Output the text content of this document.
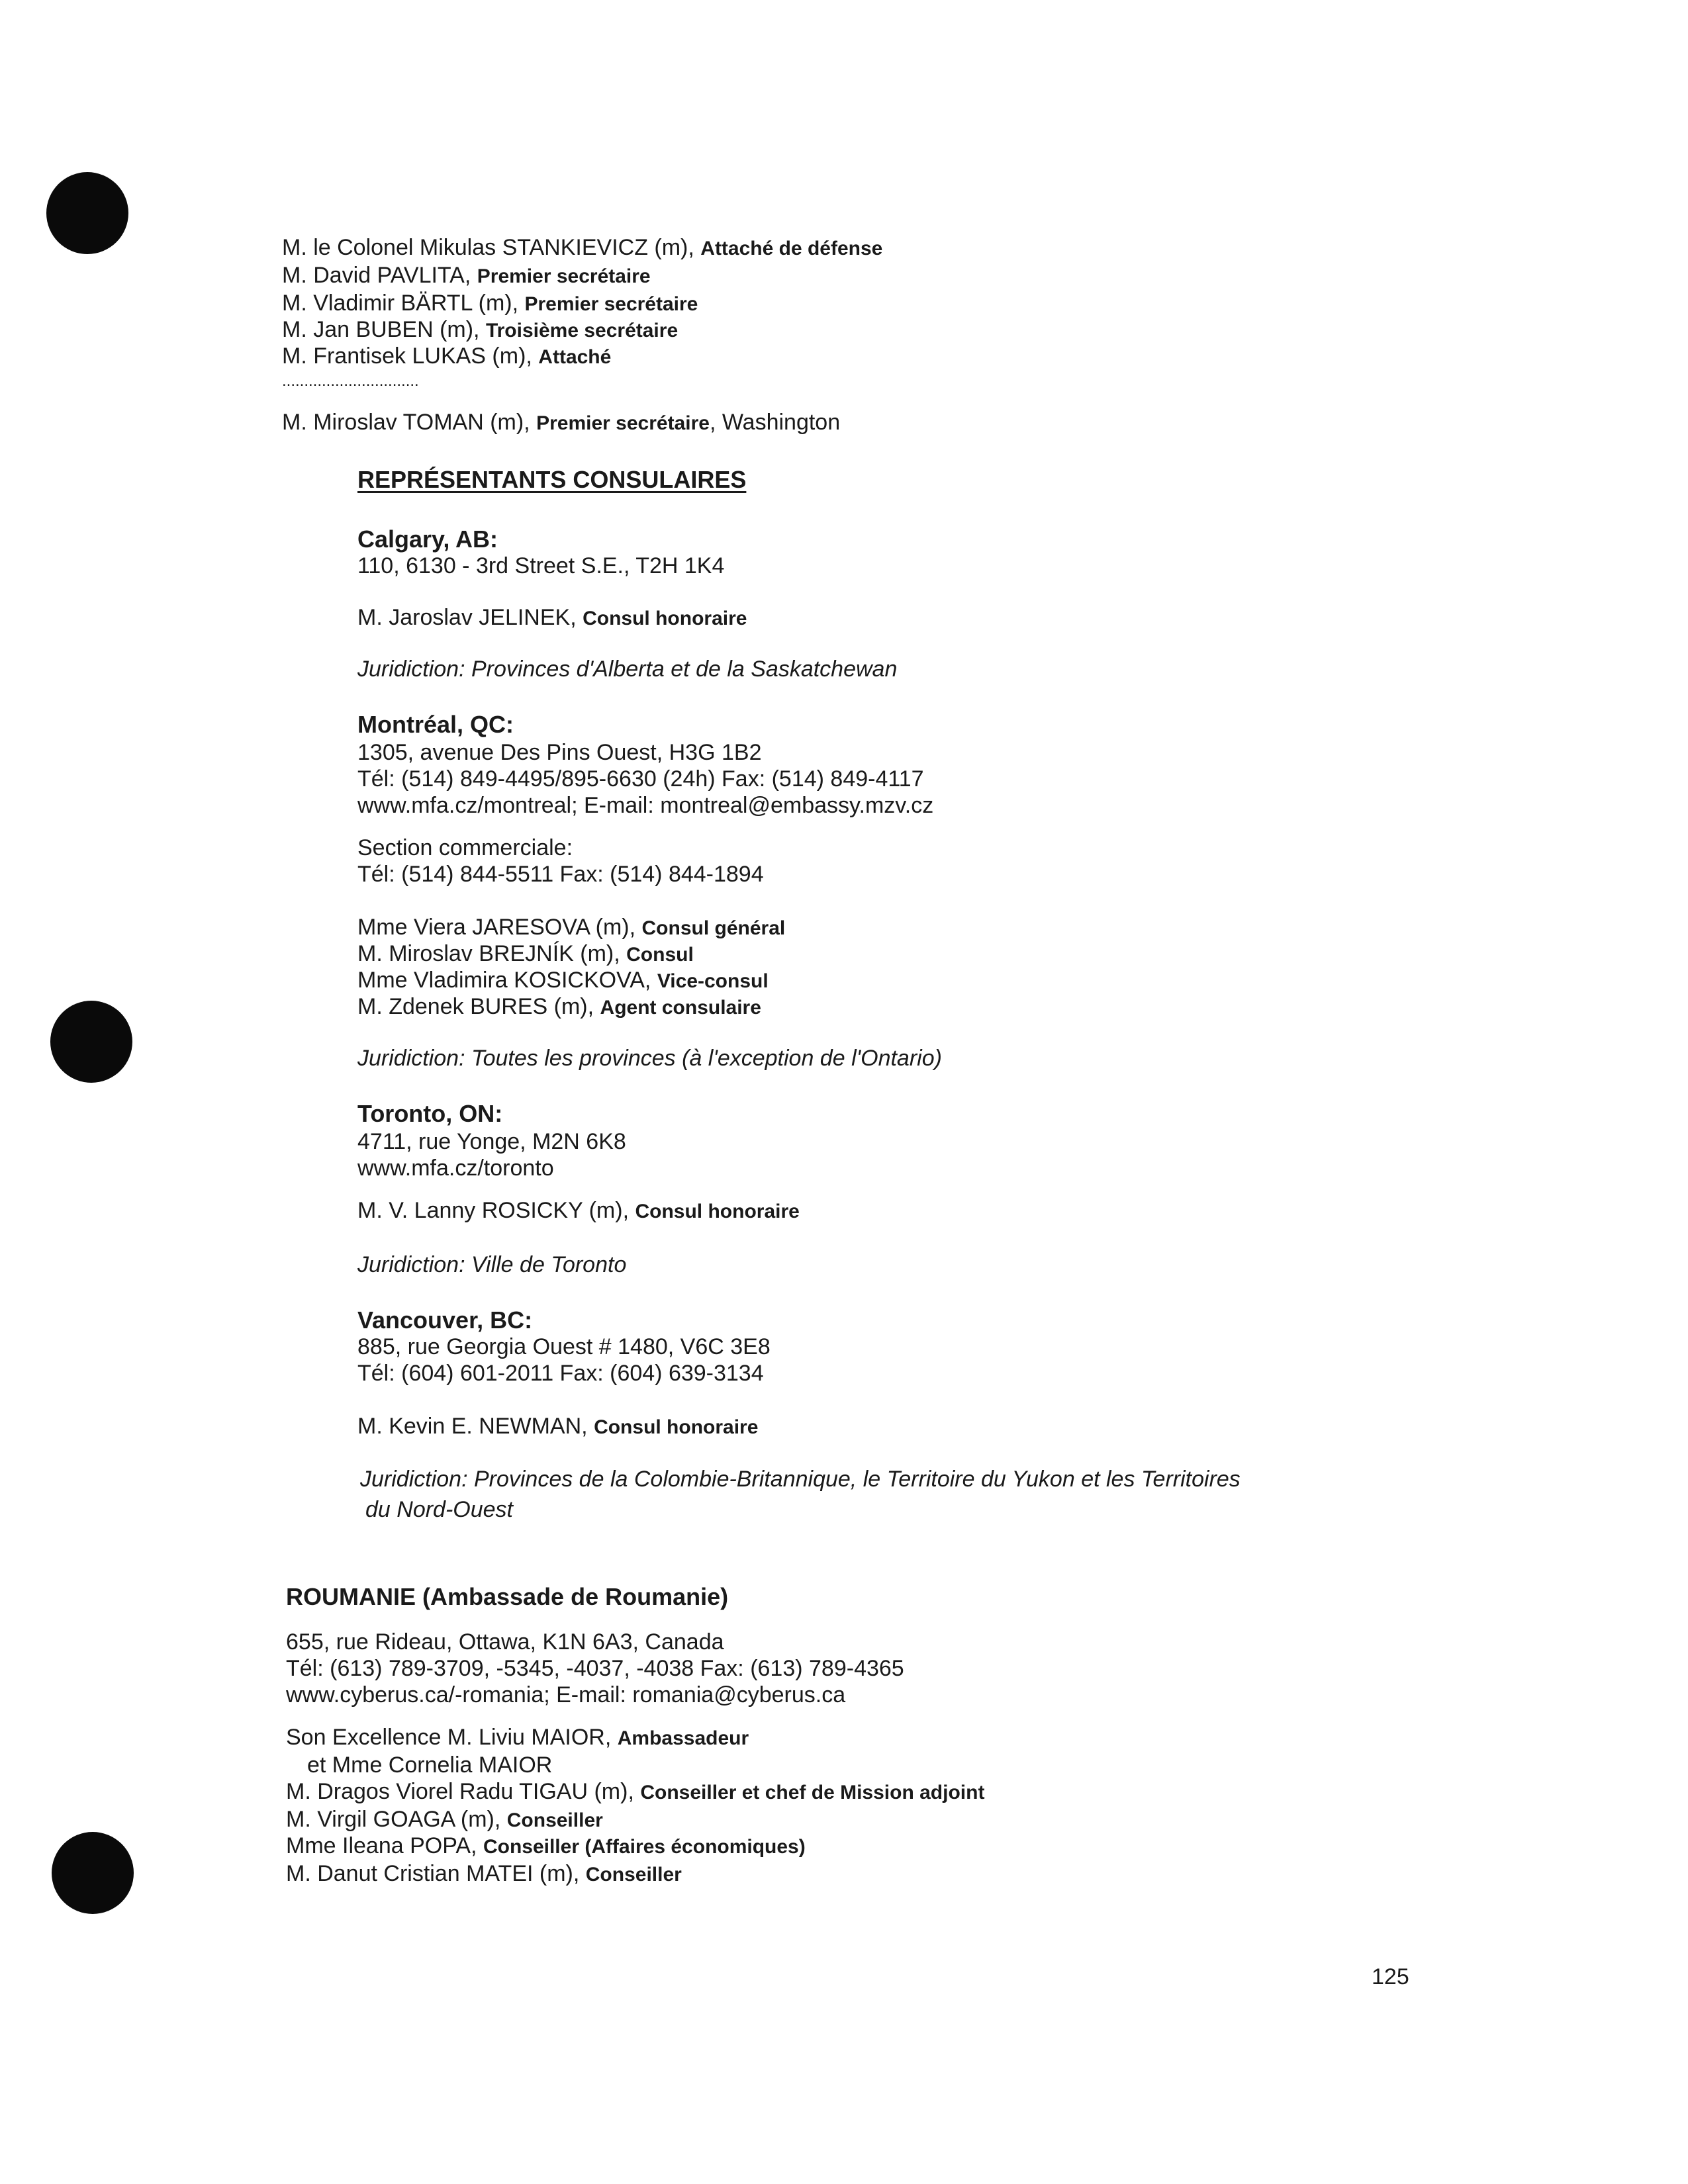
M. le Colonel Mikulas STANKIEVICZ (m), Attaché de défense
M. David PAVLITA, Premier secrétaire
M. Vladimir BÄRTL (m), Premier secrétaire
M. Jan BUBEN (m), Troisième secrétaire
M. Frantisek LUKAS (m), Attaché
...............................
M. Miroslav TOMAN (m), Premier secrétaire, Washington
REPRÉSENTANTS CONSULAIRES
Calgary, AB:
110, 6130 - 3rd Street S.E., T2H 1K4
M. Jaroslav JELINEK, Consul honoraire
Juridiction: Provinces d'Alberta et de la Saskatchewan
Montréal, QC:
1305, avenue Des Pins Ouest, H3G 1B2
Tél: (514) 849-4495/895-6630 (24h) Fax: (514) 849-4117
www.mfa.cz/montreal; E-mail: montreal@embassy.mzv.cz
Section commerciale:
Tél: (514) 844-5511 Fax: (514) 844-1894
Mme Viera JARESOVA (m), Consul général
M. Miroslav BREJNÍK (m), Consul
Mme Vladimira KOSICKOVA, Vice-consul
M. Zdenek BURES (m), Agent consulaire
Juridiction: Toutes les provinces (à l'exception de l'Ontario)
Toronto, ON:
4711, rue Yonge, M2N 6K8
www.mfa.cz/toronto
M. V. Lanny ROSICKY (m), Consul honoraire
Juridiction: Ville de Toronto
Vancouver, BC:
885, rue Georgia Ouest # 1480, V6C 3E8
Tél: (604) 601-2011 Fax: (604) 639-3134
M. Kevin E. NEWMAN, Consul honoraire
Juridiction: Provinces de la Colombie-Britannique, le Territoire du Yukon et les Territoires
du Nord-Ouest
ROUMANIE (Ambassade de Roumanie)
655, rue Rideau, Ottawa, K1N 6A3, Canada
Tél: (613) 789-3709, -5345, -4037, -4038 Fax: (613) 789-4365
www.cyberus.ca/-romania; E-mail: romania@cyberus.ca
Son Excellence M. Liviu MAIOR, Ambassadeur
et Mme Cornelia MAIOR
M. Dragos Viorel Radu TIGAU (m), Conseiller et chef de Mission adjoint
M. Virgil GOAGA (m), Conseiller
Mme Ileana POPA, Conseiller (Affaires économiques)
M. Danut Cristian MATEI (m), Conseiller
125
